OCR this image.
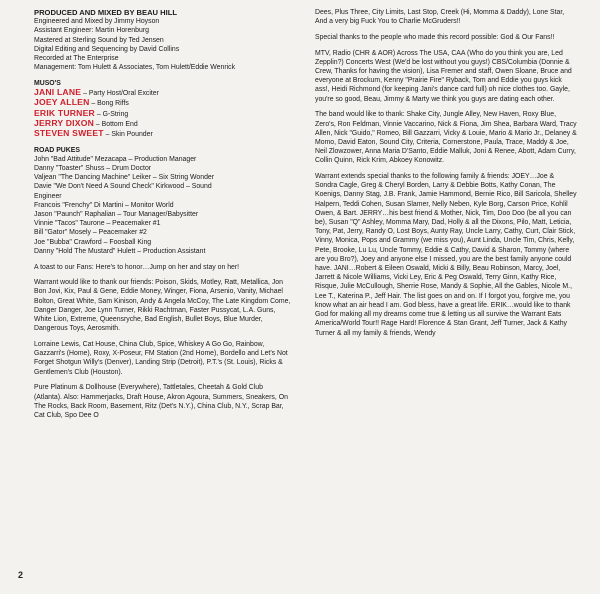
PRODUCED AND MIXED BY BEAU HILL

Engineered and Mixed by Jimmy Hoyson

Assistant Engineer: Martin Horenburg

Mastered at Sterling Sound by Ted Jensen

Digital Editing and Sequencing by David Collins

Recorded at The Enterprise

Management: Tom Hulett & Associates, Tom Hulett/Eddie Wenrick

MUSO'S

JANI LANE – Party Host/Oral Exciter

JOEY ALLEN – Bong Riffs

ERIK TURNER – G-String

JERRY DIXON – Bottom End

STEVEN SWEET – Skin Pounder

ROAD PUKES

John "Bad Attitude" Mezacapa – Production Manager

Danny "Toaster" Shuss – Drum Doctor

Valjean "The Dancing Machine" Leiker – Six String Wonder

Davie "We Don't Need A Sound Check" Kirkwood – Sound

Engineer

Francois "Frenchy" Di Martini – Monitor World

Jason "Paunch" Raphalian – Tour Manager/Babysitter

Vinnie "Tacos" Taurone – Peacemaker #1

Bill "Gator" Mosely – Peacemaker #2

Joe "Bubba" Crawford – Foosball King

Danny "Hold The Mustard" Hulett – Production Assistant

A toast to our Fans: Here's to honor…Jump on her and stay on her!

Warrant would like to thank our friends: Poison, Skids, Motley, Ratt, Metallica, Jon Bon Jovi, Kix, Paul & Gene, Eddie Money, Winger, Fiona, Arsenio, Vanity, Michael Bolton, Great White, Sam Kinison, Andy & Angela McCoy, The Late Kingdom Come, Danger Danger, Joe Lynn Turner, Rikki Rachtman, Faster Pussycat, L.A. Guns, White Lion, Extreme, Queensryche, Bad English, Bullet Boys, Blue Murder, Dangerous Toys, Aerosmith.

Lorraine Lewis, Cat House, China Club, Spice, Whiskey A Go Go, Rainbow, Gazzarri's (Home), Roxy, X-Poseur, FM Station (2nd Home), Bordello and Let's Not Forget Shotgun Willy's (Denver), Landing Strip (Detroit), P.T.'s (St. Louis), Ricks & Gentlemen's Club (Houston).

Pure Platinum & Dollhouse (Everywhere), Tattletales, Cheetah & Gold Club (Atlanta). Also: Hammerjacks, Draft House, Akron Agoura, Summers, Sneakers, On The Rocks, Back Room, Basement, Ritz (Det's N.Y.), China Club, N.Y., Scrap Bar, Cat Club, Spo Dee O

Dees, Plus Three, City Limits, Last Stop, Creek (Hi, Momma & Daddy), Lone Star, And a very big Fuck You to Charlie McGruders!!

Special thanks to the people who made this record possible: God & Our Fans!!

MTV, Radio (CHR & AOR) Across The USA, CAA (Who do you think you are, Led Zepplin?) Concerts West (We'd be lost without you guys!) CBS/Columbia (Donnie & Crew, Thanks for having the vision), Lisa Fremer and staff, Owen Sloane, Bruce and everyone at Brockum, Kenny "Prairie Fire" Ryback, Tom and Eddie you guys kick ass!, Heidi Richmond (for keeping Jani's dance card full) oh nice clothes too. Gayle, you're so good, Beau, Jimmy & Marty we think you guys are dating each other.

The band would like to thank: Shake City, Jungle Alley, New Haven, Roxy Blue, Zero's, Ron Feldman, Vinnie Vaccarino, Nick & Fiona, Jim Shea, Barbara Ward, Tracy Allen, Nick "Guido," Romeo, Bill Gazzarri, Vicky & Louie, Mario & Mario Jr., Delaney & Momo, David Eaton, Sound City, Criteria, Cornerstone, Paula, Trace, Maddy & Joe, Neil Zlowzower, Anna Maria D'Santo, Eddie Malluk, Joni & Renee, Abott, Adam Curry, Collin Quinn, Rick Krim, Abkoey Konowitz.

Warrant extends special thanks to the following family & friends: JOEY…Joe & Sondra Cagle, Greg & Cheryl Borden, Larry & Debbie Botts, Kathy Conan, The Koenigs, Danny Stag, J.B. Frank, Jamie Hammond, Bernie Rico, Bill Saricola, Shelley Halpern, Teddi Cohen, Susan Slamer, Nelly Neben, Kyle Borg, Carson Price, Kohlil Owen, & Bart. JERRY…his best friend & Mother, Nick, Tim, Doo Doo (be all you can be), Susan "Q" Ashley, Momma Mary, Dad, Holly & all the Dixons, Pilo, Matt, Leticia, Tony, Pat, Jerry, Randy O, Lost Boys, Aunty Ray, Uncle Larry, Cathy, Curt, Clair Stick, Vinny, Monica, Pops and Grammy (we miss you), Aunt Linda, Uncle Tim, Chris, Kelly, Pete, Brooke, Lu Lu, Uncle Tommy, Eddie & Cathy, David & Sharon, Tommy (where are you Bro?), Joey and anyone else I missed, you are the best family anyone could have. JANI…Robert & Eileen Oswald, Micki & Billy, Beau Robinson, Marcy, Joel, Jarrett & Nicole Williams, Vicki Ley, Eric & Peg Oswald, Terry Ginn, Kathy Rice, Risque, Julie McCullough, Sherrie Rose, Mandy & Sophie, All the Gables, Nicole M., Lee T., Katerina P., Jeff Hair. The list goes on and on. If I forgot you, forgive me, you know what an air head I am. God bless, have a great life. ERIK…would like to thank God for making all my dreams come true & letting us all survive the Warrant Eats America/World Tour!! Rage Hard! Florence & Stan Grant, Jeff Turner, Jack & Kathy Turner & all my family & friends, Wendy

2
